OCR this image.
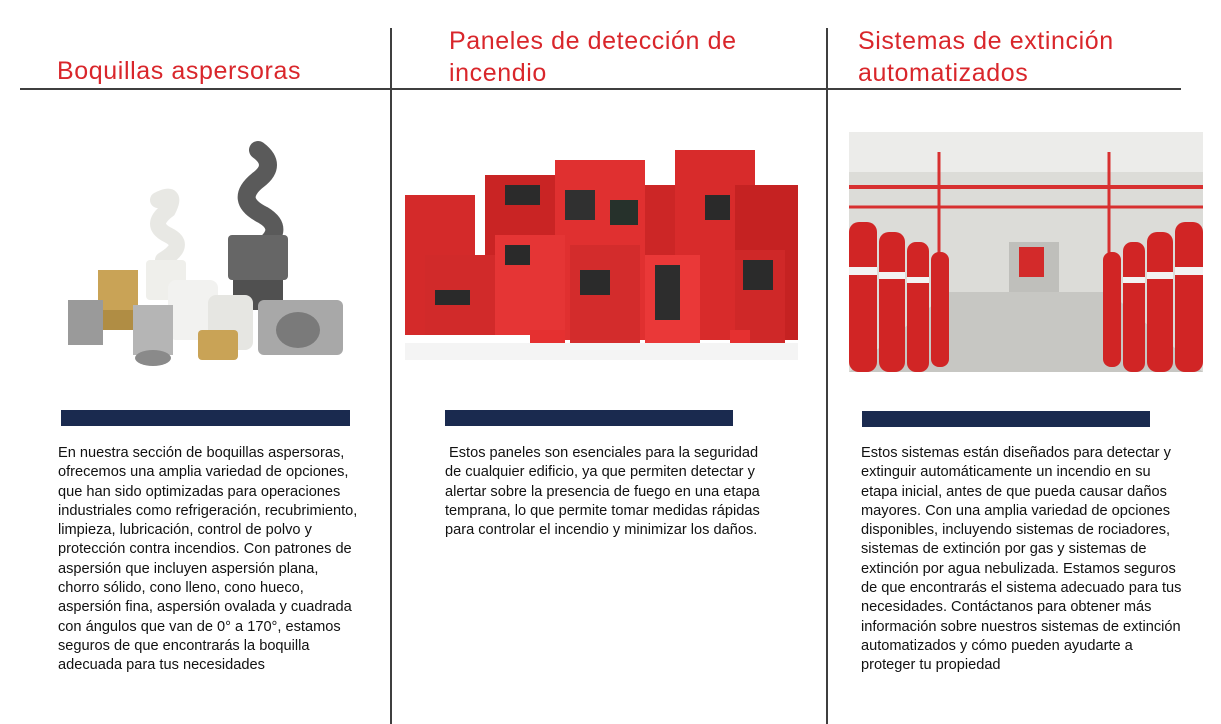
Boquillas aspersoras

En nuestra sección de boquillas aspersoras, ofrecemos una amplia variedad de opciones, que han sido optimizadas para operaciones industriales como refrigeración, recubrimiento, limpieza, lubricación, control de polvo y protección contra incendios. Con patrones de aspersión que incluyen aspersión plana, chorro sólido, cono lleno, cono hueco, aspersión fina, aspersión ovalada y cuadrada con ángulos que van de 0° a 170°, estamos seguros de que encontrarás la boquilla adecuada para tus necesidades

Paneles de detección de incendio

Estos paneles son esenciales para la seguridad de cualquier edificio, ya que permiten detectar y alertar sobre la presencia de fuego en una etapa temprana, lo que permite tomar medidas rápidas para controlar el incendio y minimizar los daños.

Sistemas de extinción automatizados

Estos sistemas están diseñados para detectar y extinguir automáticamente un incendio en su etapa inicial, antes de que pueda causar daños mayores. Con una amplia variedad de opciones disponibles, incluyendo sistemas de rociadores, sistemas de extinción por gas y sistemas de extinción por agua nebulizada. Estamos seguros de que encontrarás el sistema adecuado para tus necesidades. Contáctanos para obtener más información sobre nuestros sistemas de extinción automatizados y cómo pueden ayudarte a proteger tu propiedad
